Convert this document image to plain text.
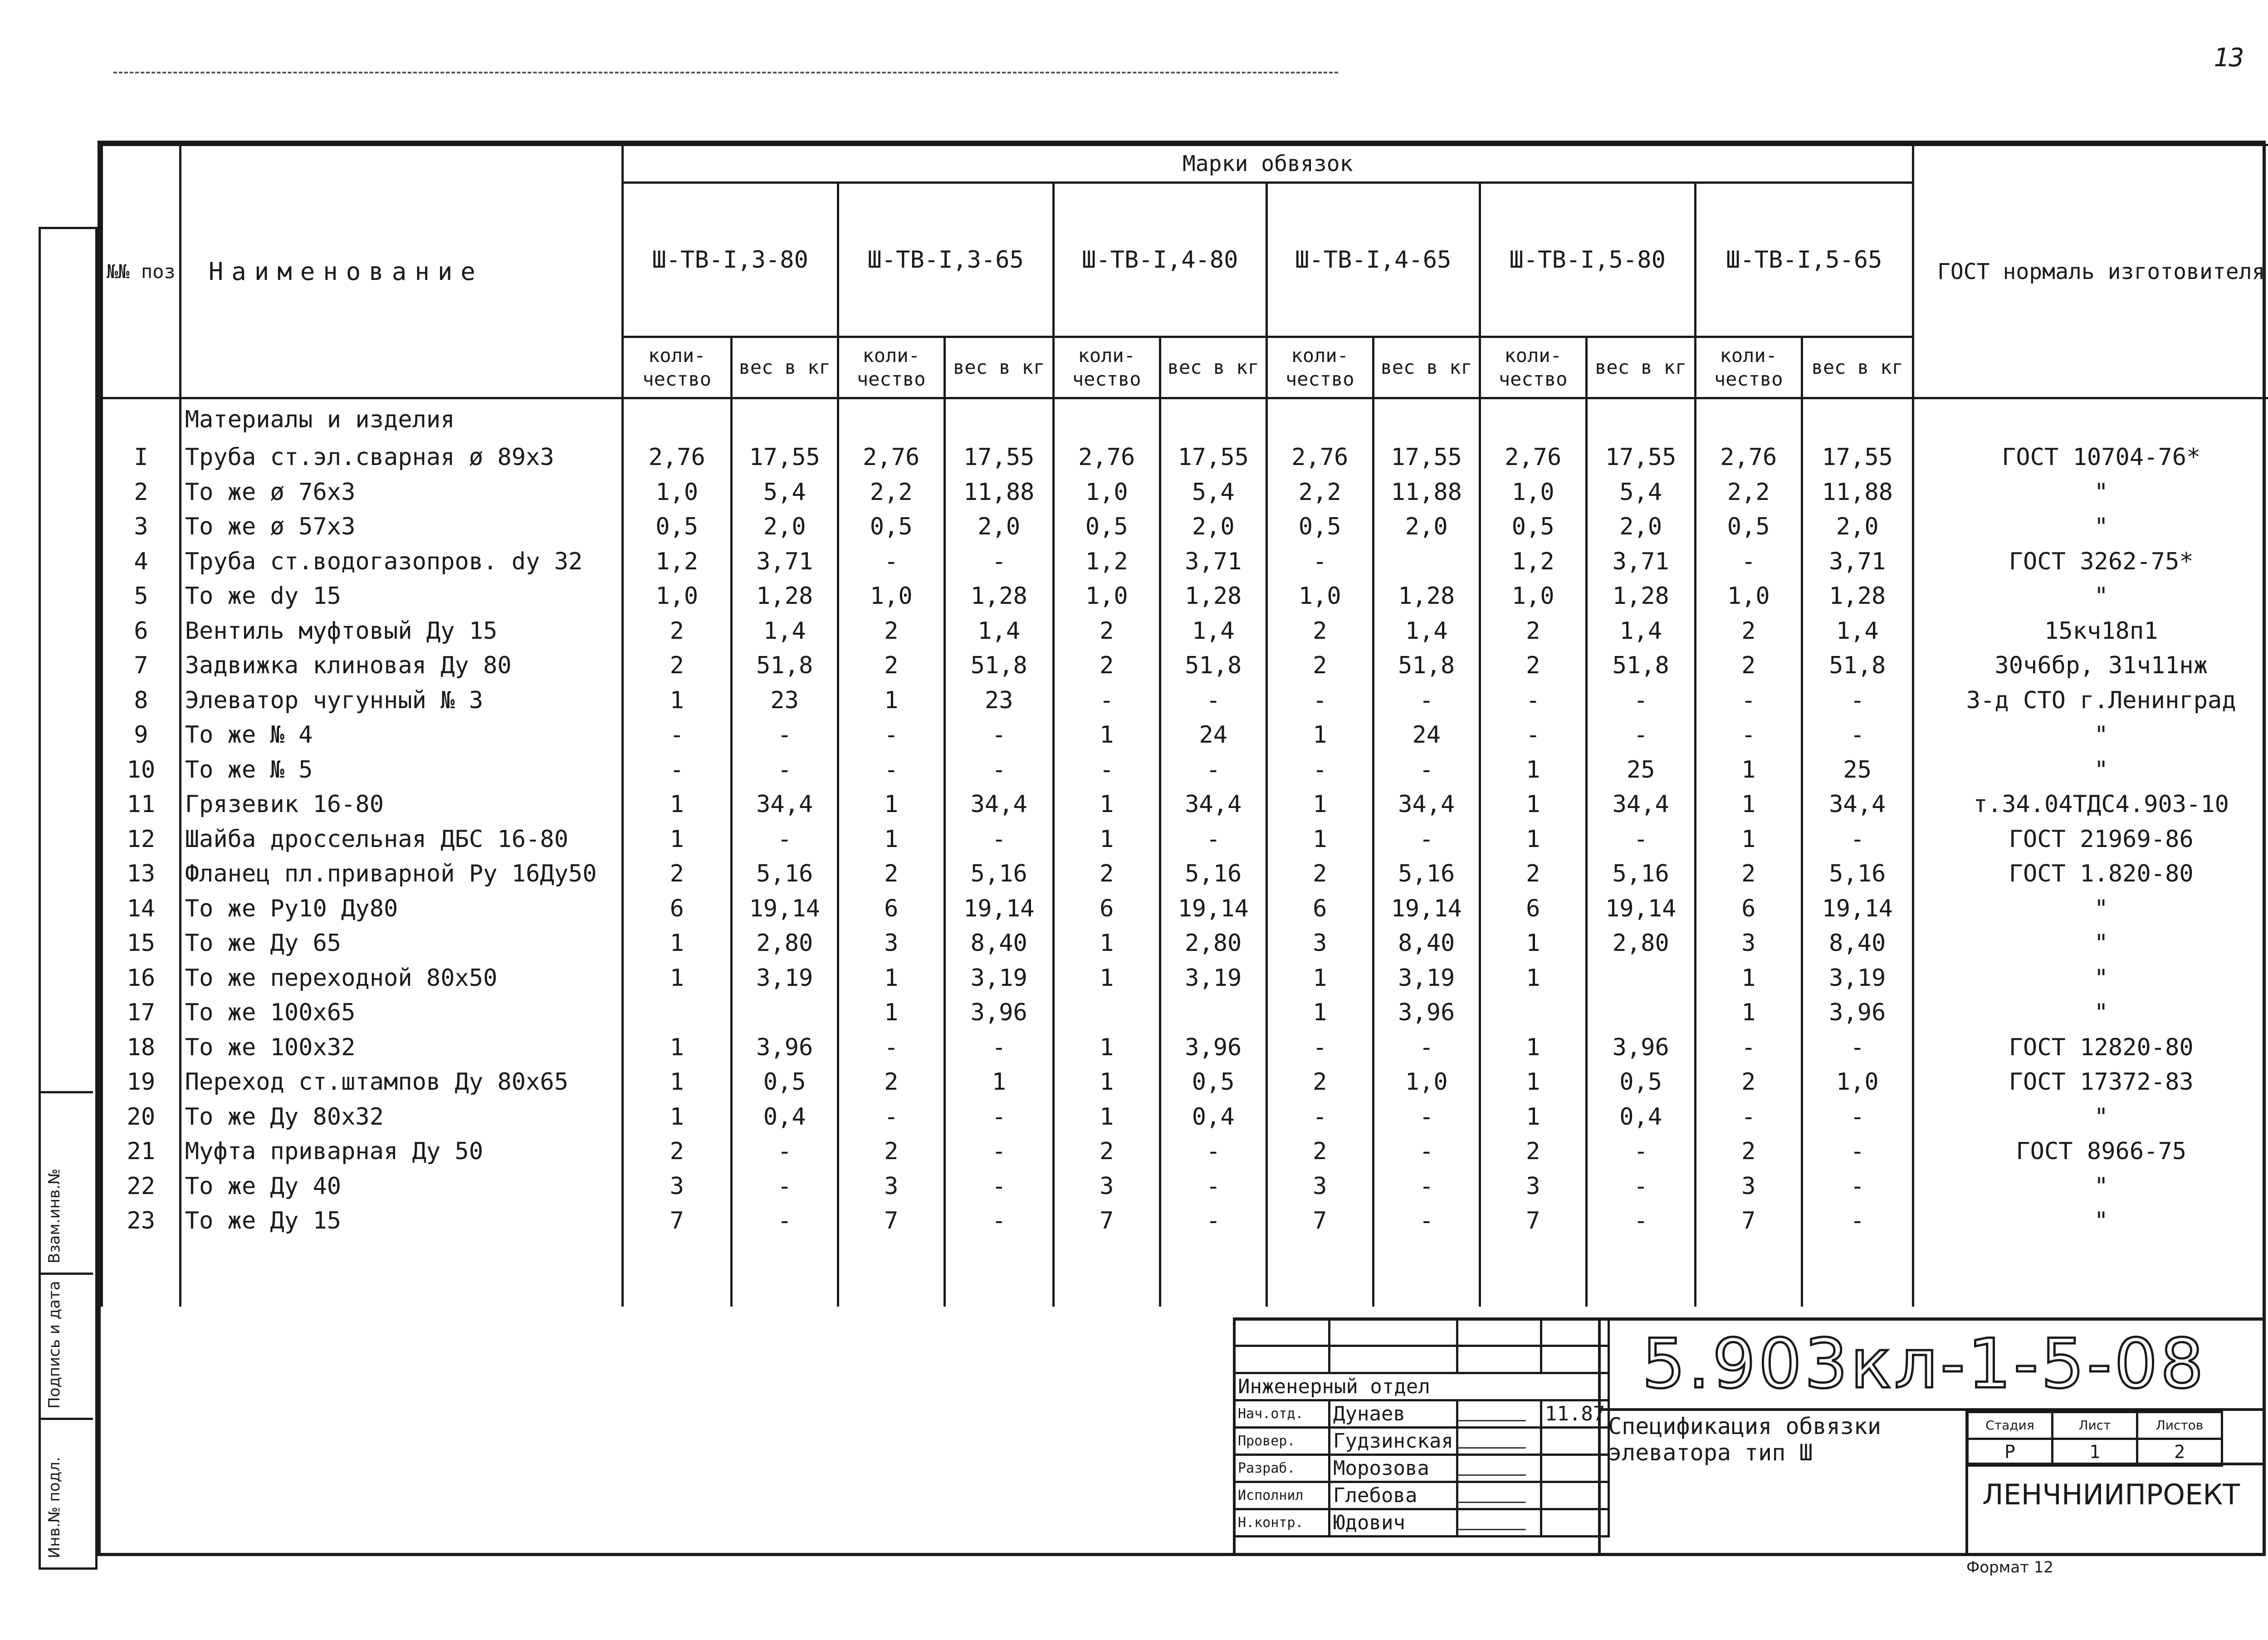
13
Инв.№ подл.
Подпись и дата
Взам.инв.№
№№ поз	Наименование	Марки обвязок												ГОСТ нормаль изготовителя
		Ш-ТВ-I,3-80		Ш-ТВ-I,3-65		Ш-ТВ-I,4-80		Ш-ТВ-I,4-65		Ш-ТВ-I,5-80		Ш-ТВ-I,5-65		
		коли- чество	вес в кг	коли- чество	вес в кг	коли- чество	вес в кг	коли- чество	вес в кг	коли- чество	вес в кг	коли- чество	вес в кг	
	Материалы и изделия													
I	Труба ст.эл.сварная ø 89x3	2,76	17,55	2,76	17,55	2,76	17,55	2,76	17,55	2,76	17,55	2,76	17,55	ГОСТ 10704-76*
2	То же ø 76x3	1,0	5,4	2,2	11,88	1,0	5,4	2,2	11,88	1,0	5,4	2,2	11,88	"
3	То же ø 57x3	0,5	2,0	0,5	2,0	0,5	2,0	0,5	2,0	0,5	2,0	0,5	2,0	"
4	Труба ст.водогазопров. dy 32	1,2	3,71	-	-	1,2	3,71	-		1,2	3,71	-	3,71	ГОСТ 3262-75*
5	То же dy 15	1,0	1,28	1,0	1,28	1,0	1,28	1,0	1,28	1,0	1,28	1,0	1,28	"
6	Вентиль муфтовый Ду 15	2	1,4	2	1,4	2	1,4	2	1,4	2	1,4	2	1,4	15кч18п1
7	Задвижка клиновая Ду 80	2	51,8	2	51,8	2	51,8	2	51,8	2	51,8	2	51,8	30ч6бр, 31ч11нж
8	Элеватор чугунный № 3	1	23	1	23	-	-	-	-	-	-	-	-	З-д СТО г.Ленинград
9	То же № 4	-	-	-	-	1	24	1	24	-	-	-	-	"
10	То же № 5	-	-	-	-	-	-	-	-	1	25	1	25	"
11	Грязевик 16-80	1	34,4	1	34,4	1	34,4	1	34,4	1	34,4	1	34,4	т.34.04ТДС4.903-10
12	Шайба дроссельная ДБС 16-80	1	-	1	-	1	-	1	-	1	-	1	-	ГОСТ 21969-86
13	Фланец пл.приварной Ру 16Ду50	2	5,16	2	5,16	2	5,16	2	5,16	2	5,16	2	5,16	ГОСТ 1.820-80
14	То же Ру10 Ду80	6	19,14	6	19,14	6	19,14	6	19,14	6	19,14	6	19,14	"
15	То же Ду 65	1	2,80	3	8,40	1	2,80	3	8,40	1	2,80	3	8,40	"
16	То же переходной 80x50	1	3,19	1	3,19	1	3,19	1	3,19	1		1	3,19	"
17	То же 100x65			1	3,96			1	3,96			1	3,96	"
18	То же 100x32	1	3,96	-	-	1	3,96	-	-	1	3,96	-	-	ГОСТ 12820-80
19	Переход ст.штампов Ду 80x65	1	0,5	2	1	1	0,5	2	1,0	1	0,5	2	1,0	ГОСТ 17372-83
20	То же Ду 80x32	1	0,4	-	-	1	0,4	-	-	1	0,4	-	-	"
21	Муфта приварная Ду 50	2	-	2	-	2	-	2	-	2	-	2	-	ГОСТ 8966-75
22	То же Ду 40	3	-	3	-	3	-	3	-	3	-	3	-	"
23	То же Ду 15	7	-	7	-	7	-	7	-	7	-	7	-	"

Инженерный отдел			
Нач.отд.	Дунаев		11.87
Провер.	Гудзинская		
Разраб.	Морозова		
Исполнил	Глебова		
Н.контр.	Юдович		
5.903кл-1-5-08
Спецификация обвязки
элеватора тип Ш
Стадия	Лист	Листов
Р	1	2
ЛЕНЧНИИПРОЕКТ
Формат 12
